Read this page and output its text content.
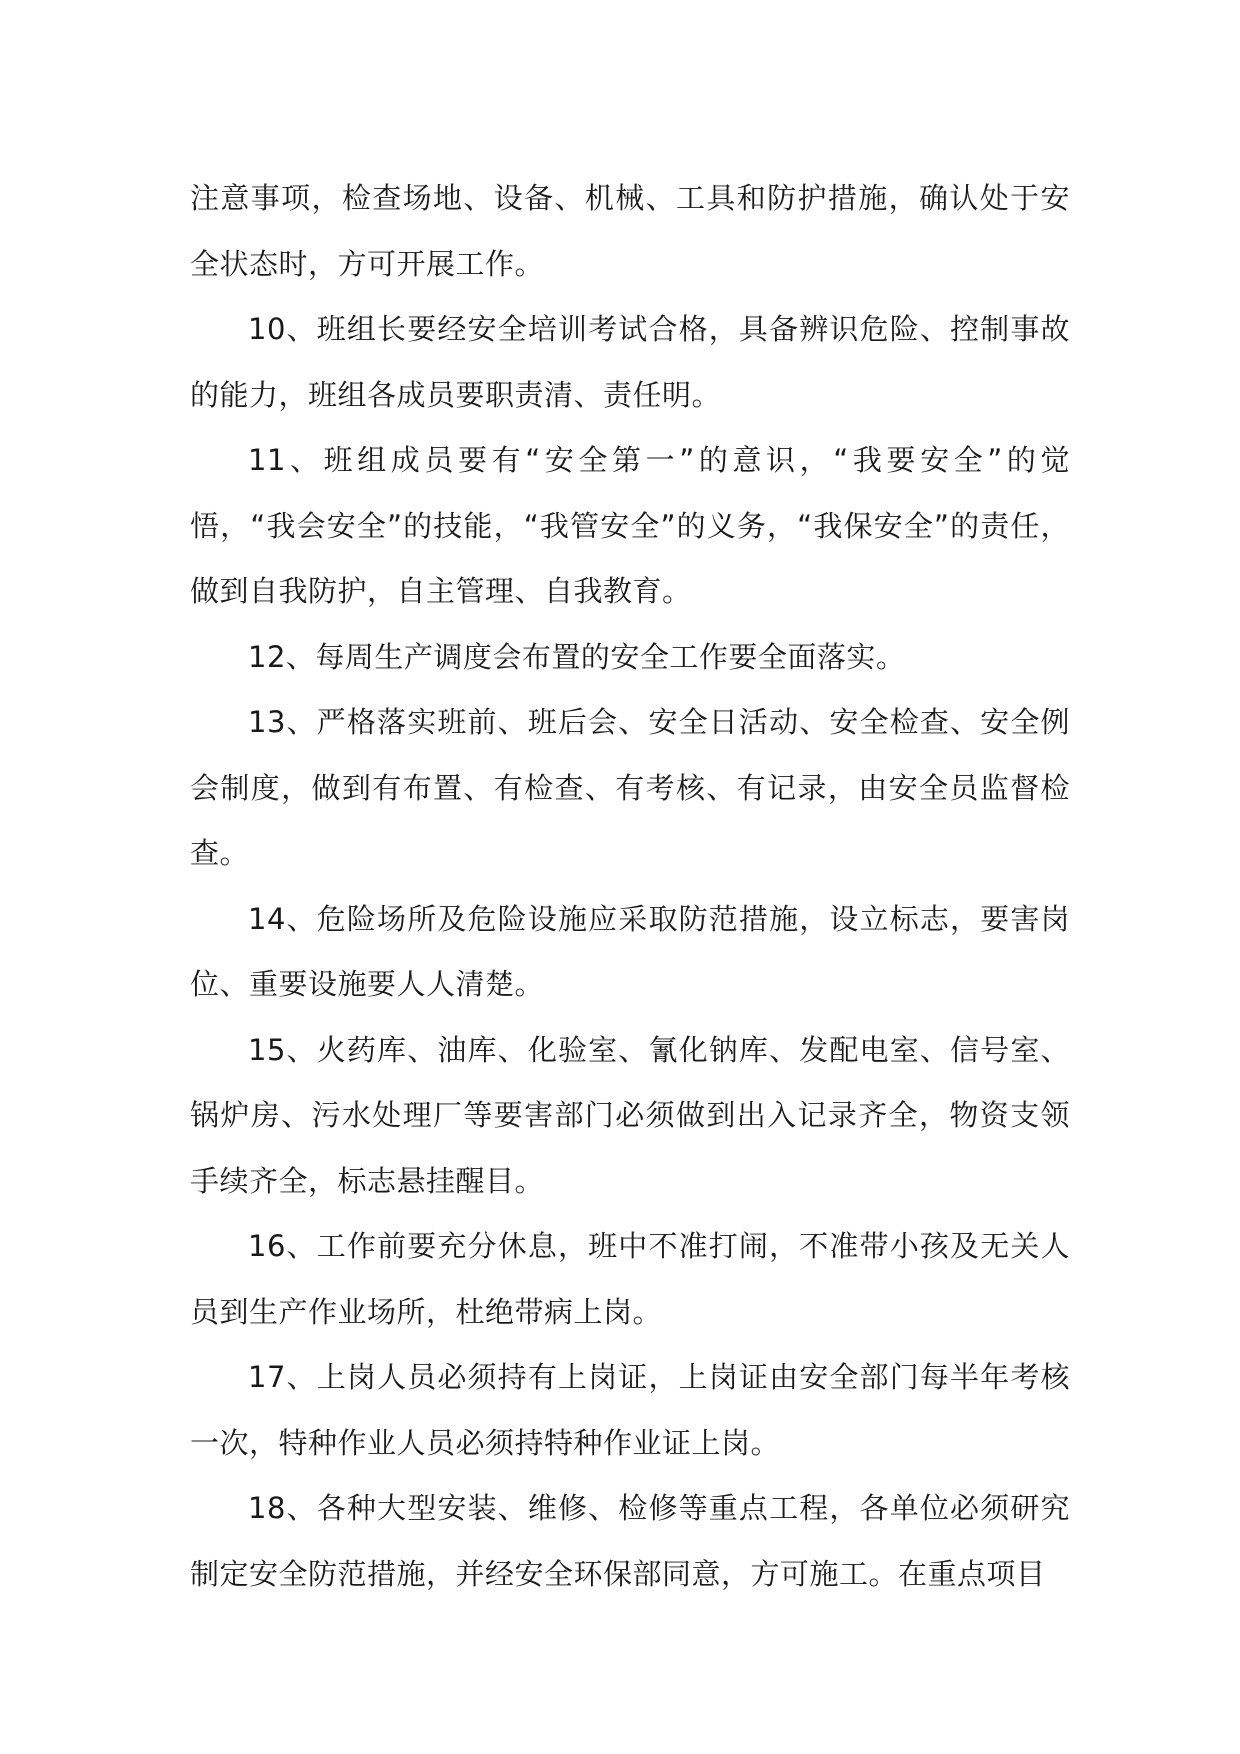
注意事项，检查场地、设备、机械、工具和防护措施，确认处于安全状态时，方可开展工作。

10、班组长要经安全培训考试合格，具备辨识危险、控制事故的能力，班组各成员要职责清、责任明。

11、班组成员要有“安全第一”的意识，“我要安全”的觉悟，“我会安全”的技能，“我管安全”的义务，“我保安全”的责任，做到自我防护，自主管理、自我教育。

12、每周生产调度会布置的安全工作要全面落实。

13、严格落实班前、班后会、安全日活动、安全检查、安全例会制度，做到有布置、有检查、有考核、有记录，由安全员监督检查。

14、危险场所及危险设施应采取防范措施，设立标志，要害岗位、重要设施要人人清楚。

15、火药库、油库、化验室、氰化钠库、发配电室、信号室、锅炉房、污水处理厂等要害部门必须做到出入记录齐全，物资支领手续齐全，标志悬挂醒目。

16、工作前要充分休息，班中不准打闹，不准带小孩及无关人员到生产作业场所，杜绝带病上岗。

17、上岗人员必须持有上岗证，上岗证由安全部门每半年考核一次，特种作业人员必须持特种作业证上岗。

18、各种大型安装、维修、检修等重点工程，各单位必须研究制定安全防范措施，并经安全环保部同意，方可施工。在重点项目
